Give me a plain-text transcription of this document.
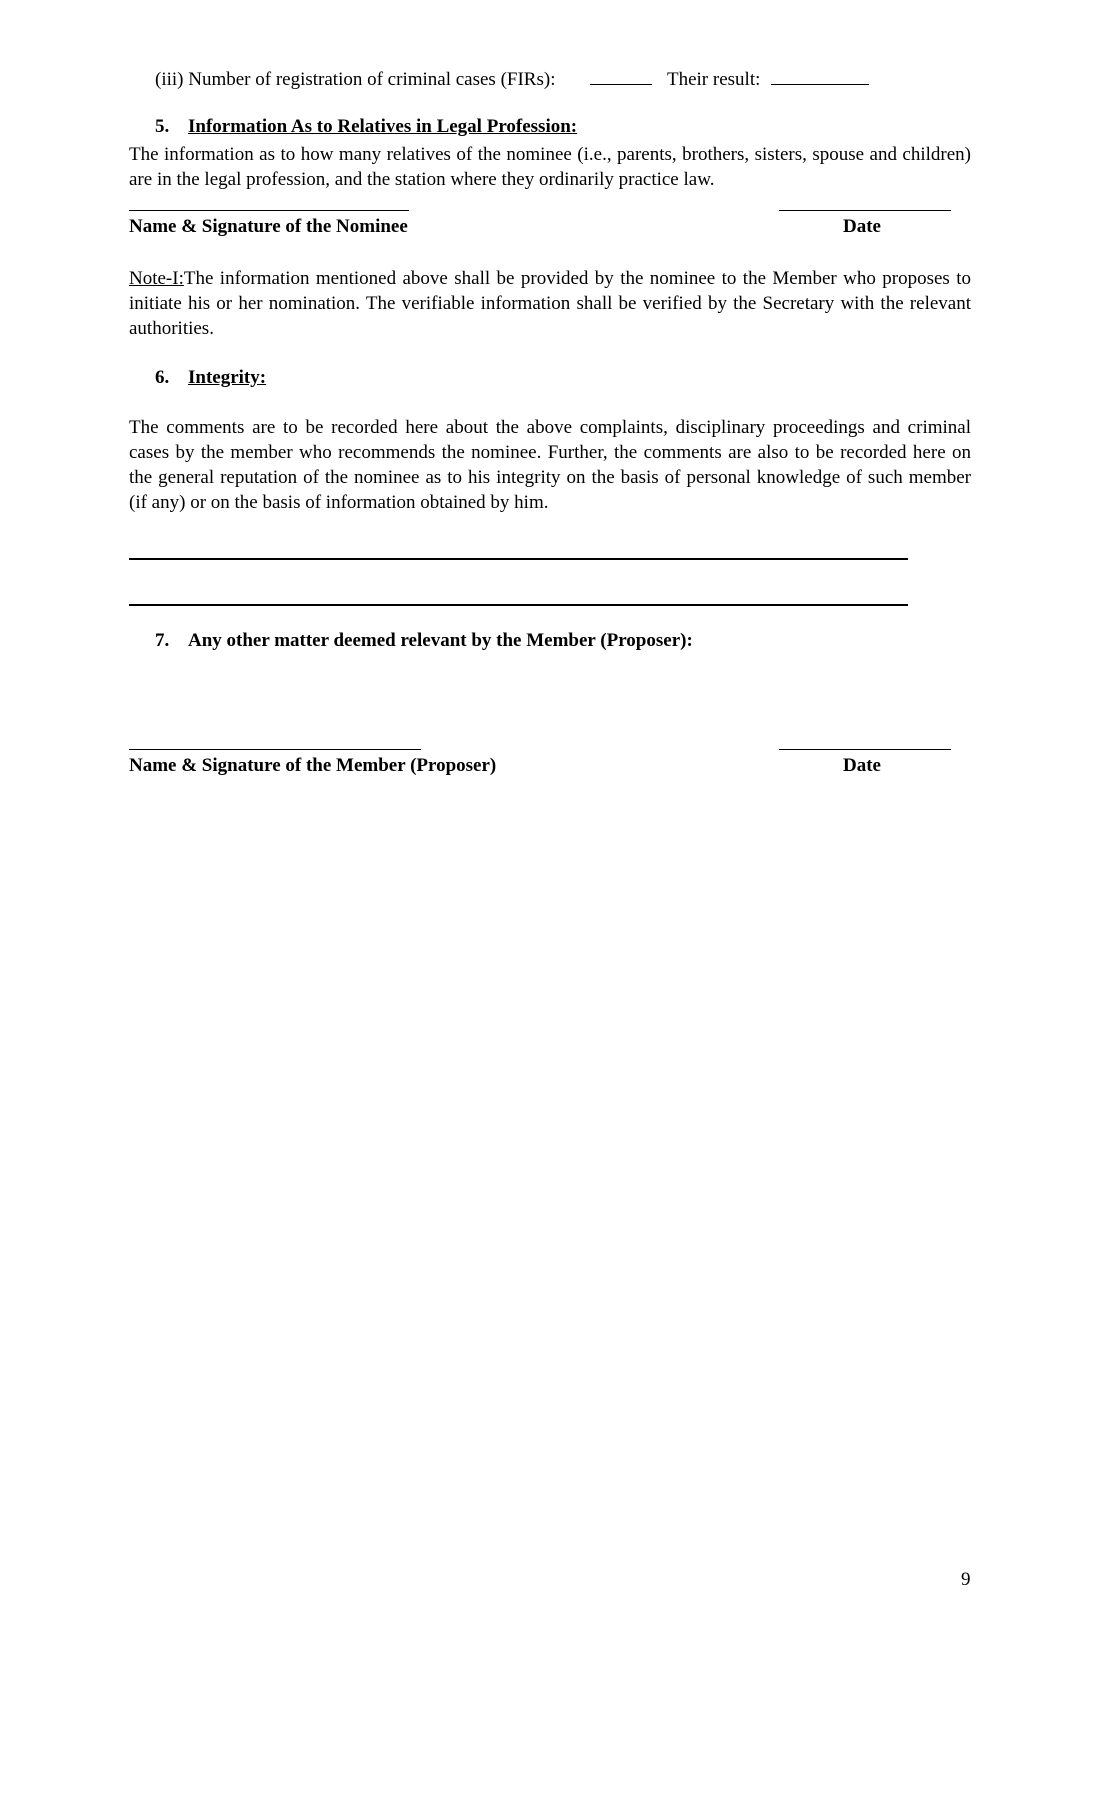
(iii) Number of registration of criminal cases (FIRs):	Their result:
5. Information As to Relatives in Legal Profession:
The information as to how many relatives of the nominee (i.e., parents, brothers, sisters, spouse and children) are in the legal profession, and the station where they ordinarily practice law.
Name & Signature of the Nominee	Date
Note-I:The information mentioned above shall be provided by the nominee to the Member who proposes to initiate his or her nomination. The verifiable information shall be verified by the Secretary with the relevant authorities.
6. Integrity:
The comments are to be recorded here about the above complaints, disciplinary proceedings and criminal cases by the member who recommends the nominee. Further, the comments are also to be recorded here on the general reputation of the nominee as to his integrity on the basis of personal knowledge of such member (if any) or on the basis of information obtained by him.
7. Any other matter deemed relevant by the Member (Proposer):
Name & Signature of the Member (Proposer)	Date
9
